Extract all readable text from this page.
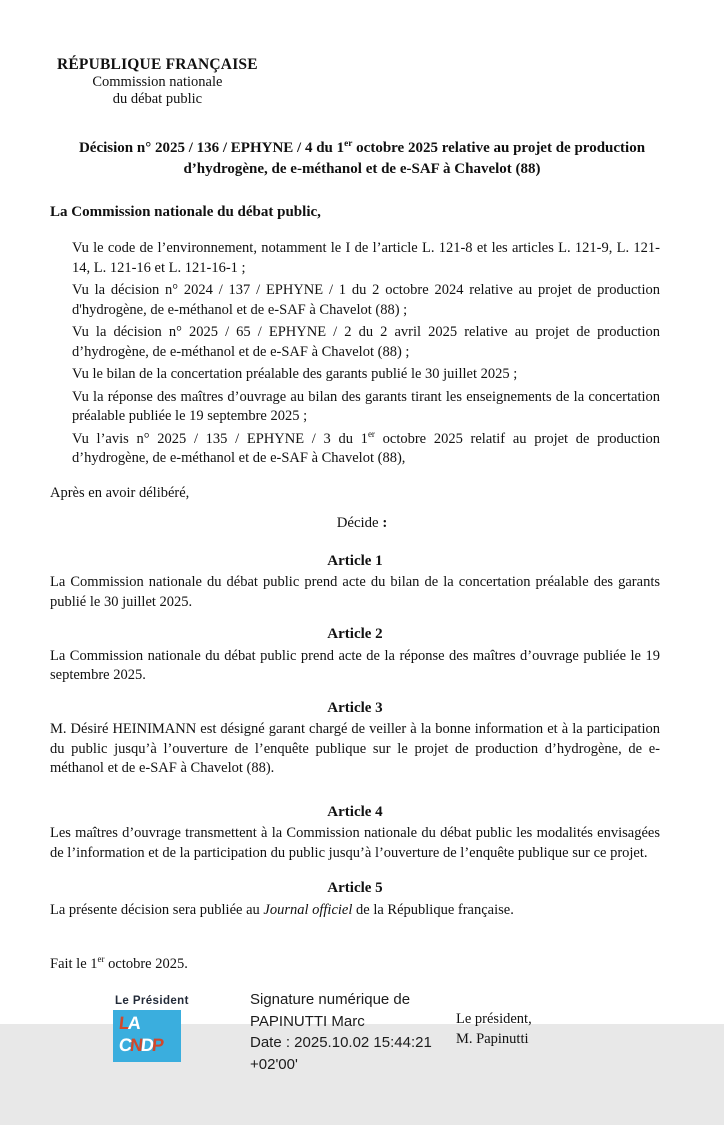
RÉPUBLIQUE FRANÇAISE
Commission nationale
du débat public
Décision n° 2025 / 136 / EPHYNE / 4 du 1er octobre 2025 relative au projet de production
d’hydrogène, de e-méthanol et de e-SAF à Chavelot (88)
La Commission nationale du débat public,

Vu le code de l’environnement, notamment le I de l’article L. 121-8 et les articles L. 121-9, L. 121-14, L. 121-16 et L. 121-16-1 ;

Vu la décision n° 2024 / 137 / EPHYNE / 1 du 2 octobre 2024 relative au projet de production d'hydrogène, de e-méthanol et de e-SAF à Chavelot (88) ;

Vu la décision n° 2025 / 65 / EPHYNE / 2 du 2 avril 2025 relative au projet de production d’hydrogène, de e-méthanol et de e-SAF à Chavelot (88) ;

Vu le bilan de la concertation préalable des garants publié le 30 juillet 2025 ;

Vu la réponse des maîtres d’ouvrage au bilan des garants tirant les enseignements de la concertation préalable publiée le 19 septembre 2025 ;

Vu l’avis n° 2025 / 135 / EPHYNE / 3 du 1er octobre 2025 relatif au projet de production d’hydrogène, de e-méthanol et de e-SAF à Chavelot (88),

Après en avoir délibéré,
Décide :
Article 1

La Commission nationale du débat public prend acte du bilan de la concertation préalable des garants publié le 30 juillet 2025.

Article 2

La Commission nationale du débat public prend acte de la réponse des maîtres d’ouvrage publiée le 19 septembre 2025.

Article 3

M. Désiré HEINIMANN est désigné garant chargé de veiller à la bonne information et à la participation du public jusqu’à l’ouverture de l’enquête publique sur le projet de production d’hydrogène, de e-méthanol et de e-SAF à Chavelot (88).

Article 4

Les maîtres d’ouvrage transmettent à la Commission nationale du débat public les modalités envisagées de l’information et de la participation du public jusqu’à l’ouverture de l’enquête publique sur ce projet.

Article 5

La présente décision sera publiée au Journal officiel de la République française.

Fait le 1er octobre 2025.
Le Président
LA
CNDP
Signature numérique de
PAPINUTTI Marc
Date : 2025.10.02 15:44:21
+02'00'
Le président,
M. Papinutti
